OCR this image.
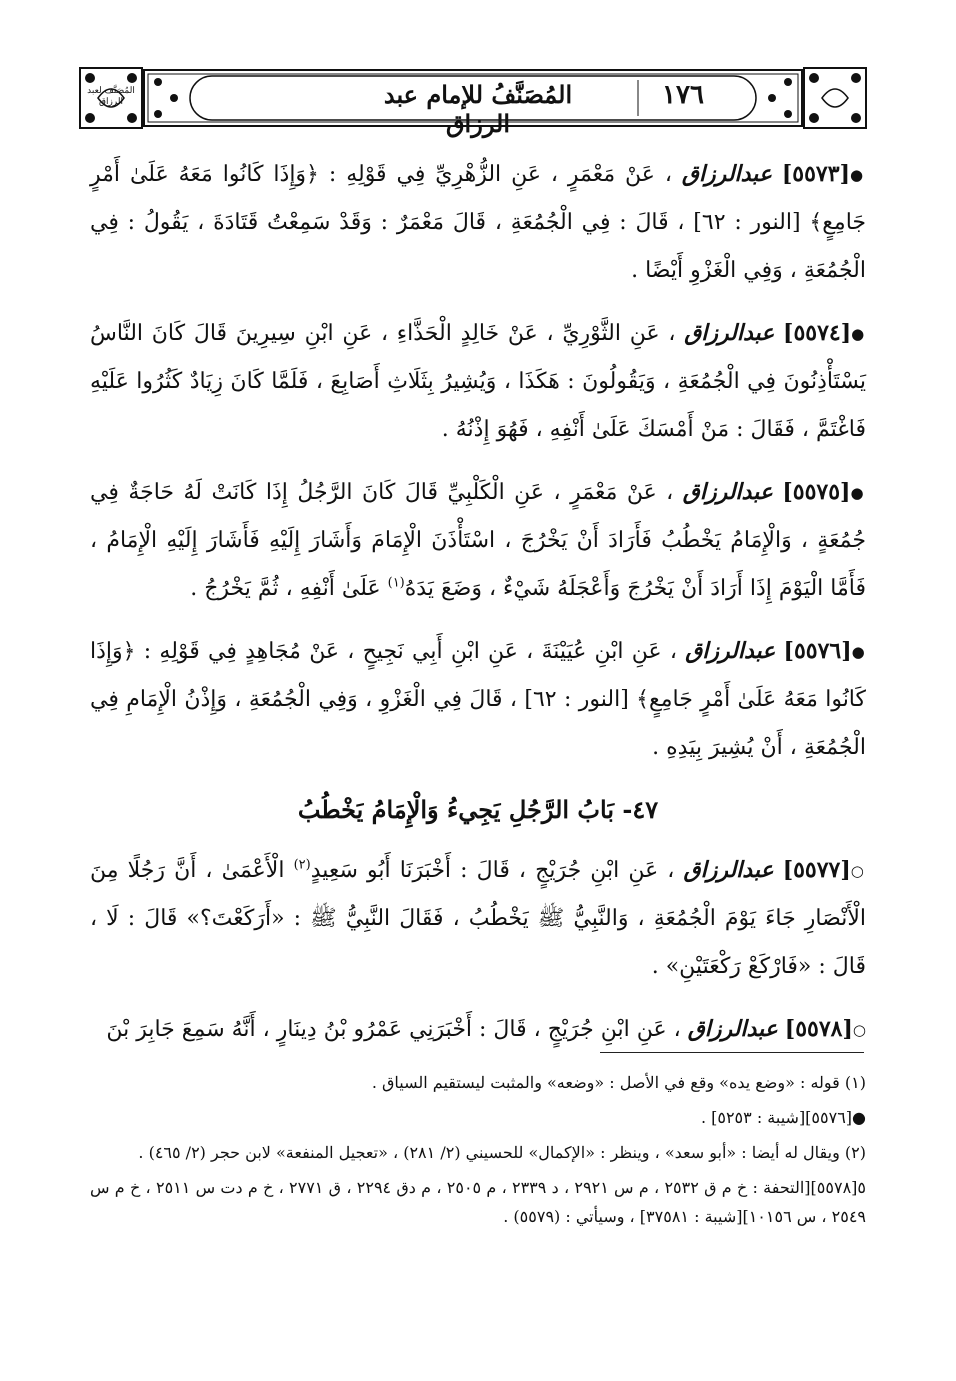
المُصَنَّف لعبد الرزاق	المُصَنَّفُ للإمام عبد الرزاق
١٧٦

●[٥٥٧٣] عبدالرزاق ، عَنْ مَعْمَرٍ ، عَنِ الزُّهْرِيِّ فِي قَوْلِهِ : ﴿وَإِذَا كَانُوا مَعَهُ عَلَىٰ أَمْرٍ جَامِعٍ﴾ [النور : ٦٢] ، قَالَ : فِي الْجُمُعَةِ ، قَالَ مَعْمَرٌ : وَقَدْ سَمِعْتُ قَتَادَةَ ، يَقُولُ : فِي الْجُمُعَةِ ، وَفِي الْغَزْوِ أَيْضًا .

●[٥٥٧٤] عبدالرزاق ، عَنِ الثَّوْرِيِّ ، عَنْ خَالِدٍ الْحَذَّاءِ ، عَنِ ابْنِ سِيرِينَ قَالَ كَانَ النَّاسُ يَسْتَأْذِنُونَ فِي الْجُمُعَةِ ، وَيَقُولُونَ : هَكَذَا ، وَيُشِيرُ بِثَلَاثِ أَصَابِعَ ، فَلَمَّا كَانَ زِيَادٌ كَثُرُوا عَلَيْهِ فَاغْتَمَّ ، فَقَالَ : مَنْ أَمْسَكَ عَلَىٰ أَنْفِهِ ، فَهُوَ إِذْنُهُ .

●[٥٥٧٥] عبدالرزاق ، عَنْ مَعْمَرٍ ، عَنِ الْكَلْبِيِّ قَالَ كَانَ الرَّجُلُ إِذَا كَانَتْ لَهُ حَاجَةٌ فِي جُمُعَةٍ ، وَالْإِمَامُ يَخْطُبُ فَأَرَادَ أَنْ يَخْرُجَ ، اسْتَأْذَنَ الْإِمَامَ وَأَشَارَ إِلَيْهِ فَأَشَارَ إِلَيْهِ الْإِمَامُ ، فَأَمَّا الْيَوْمَ إِذَا أَرَادَ أَنْ يَخْرُجَ وَأَعْجَلَهُ شَيْءٌ ، وَضَعَ يَدَهُ$^{(١)}$ عَلَىٰ أَنْفِهِ ، ثُمَّ يَخْرُجُ .

●[٥٥٧٦] عبدالرزاق ، عَنِ ابْنِ عُيَيْنَةَ ، عَنِ ابْنِ أَبِي نَجِيحٍ ، عَنْ مُجَاهِدٍ فِي قَوْلِهِ : ﴿وَإِذَا كَانُوا مَعَهُ عَلَىٰ أَمْرٍ جَامِعٍ﴾ [النور : ٦٢] ، قَالَ فِي الْغَزْوِ ، وَفِي الْجُمُعَةِ ، وَإِذْنُ الْإِمَامِ فِي الْجُمُعَةِ ، أَنْ يُشِيرَ بِيَدِهِ .

٤٧- بَابُ الرَّجُلِ يَجِيءُ وَالْإِمَامُ يَخْطُبُ

○[٥٥٧٧] عبدالرزاق ، عَنِ ابْنِ جُرَيْجٍ ، قَالَ : أَخْبَرَنَا أَبُو سَعِيدٍ$^{(٢)}$ الْأَعْمَىٰ ، أَنَّ رَجُلًا مِنَ الْأَنْصَارِ جَاءَ يَوْمَ الْجُمُعَةِ ، وَالنَّبِيُّ ﷺ يَخْطُبُ ، فَقَالَ النَّبِيُّ ﷺ : «أَرَكَعْتَ؟» قَالَ : لَا ، قَالَ : «فَارْكَعْ رَكْعَتَيْنِ» .

○[٥٥٧٨] عبدالرزاق ، عَنِ ابْنِ جُرَيْجٍ ، قَالَ : أَخْبَرَنِي عَمْرُو بْنُ دِينَارٍ ، أَنَّهُ سَمِعَ جَابِرَ بْنَ

(١) قوله : «وضع يده» وقع في الأصل : «وضعه» والمثبت ليستقيم السياق .

●[٥٥٧٦][شيبة : ٥٢٥٣] .

(٢) ويقال له أيضا : «أبو سعد» ، وينظر : «الإكمال» للحسيني (٢/ ٢٨١) ، «تعجيل المنفعة» لابن حجر (٢/ ٤٦٥) .

٥[٥٥٧٨][التحفة : خ م ق ٢٥٣٢ ، م س ٢٩٢١ ، د ٢٣٣٩ ، م ٢٥٠٥ ، م دق ٢٢٩٤ ، ق ٢٧٧١ ، خ م دت س ٢٥١١ ، خ م س ٢٥٤٩ ، س ١٠١٥٦][شيبة : ٣٧٥٨١] ، وسيأتي : (٥٥٧٩) .
